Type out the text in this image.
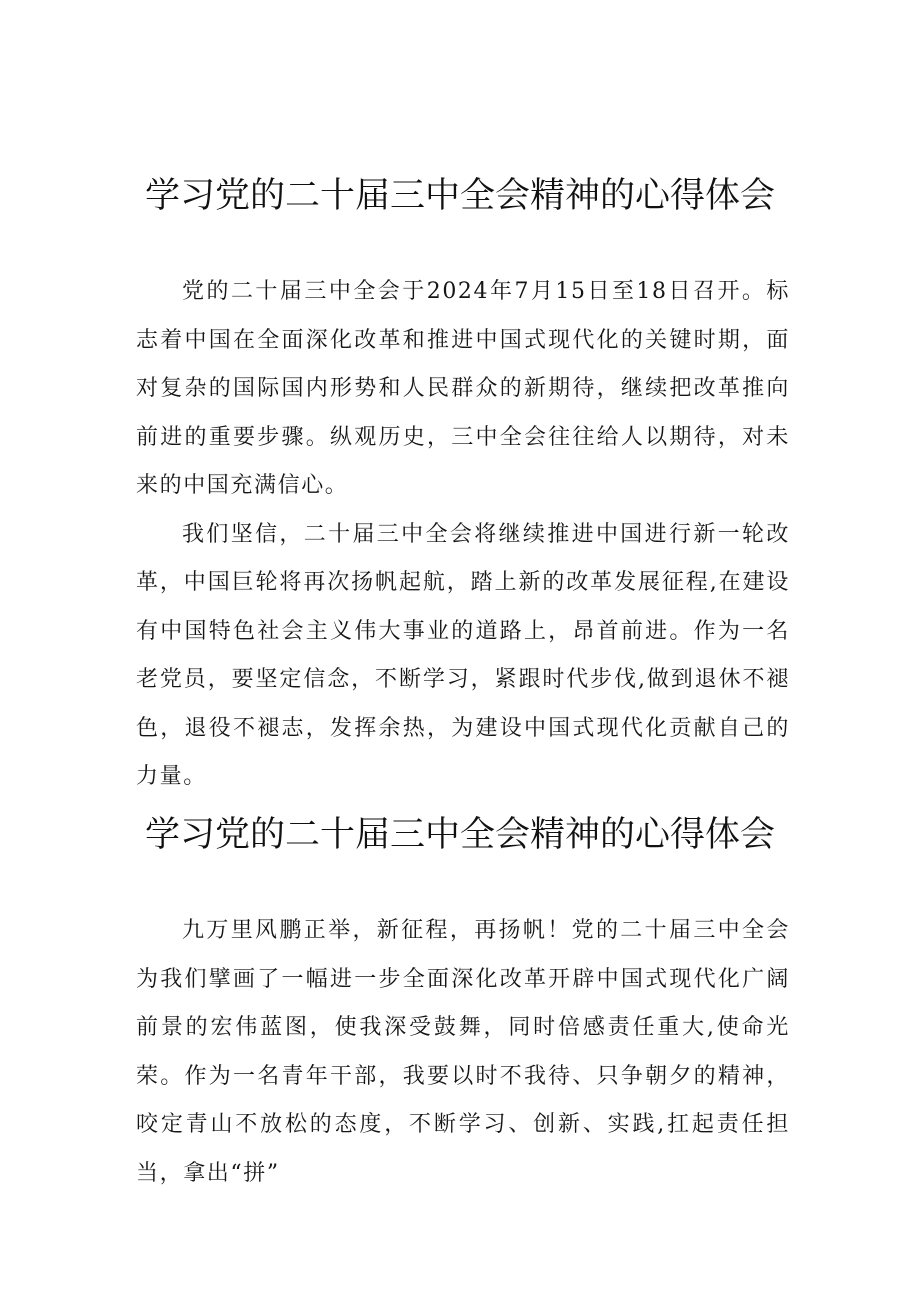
学习党的二十届三中全会精神的心得体会

党的二十届三中全会于2024年7月15日至18日召开。标志着中国在全面深化改革和推进中国式现代化的关键时期，面对复杂的国际国内形势和人民群众的新期待，继续把改革推向前进的重要步骤。纵观历史，三中全会往往给人以期待，对未来的中国充满信心。

我们坚信，二十届三中全会将继续推进中国进行新一轮改革，中国巨轮将再次扬帆起航，踏上新的改革发展征程,在建设有中国特色社会主义伟大事业的道路上，昂首前进。作为一名老党员，要坚定信念，不断学习，紧跟时代步伐,做到退休不褪色，退役不褪志，发挥余热，为建设中国式现代化贡献自己的力量。

学习党的二十届三中全会精神的心得体会

九万里风鹏正举，新征程，再扬帆！党的二十届三中全会为我们擘画了一幅进一步全面深化改革开辟中国式现代化广阔前景的宏伟蓝图，使我深受鼓舞，同时倍感责任重大,使命光荣。作为一名青年干部，我要以时不我待、只争朝夕的精神，咬定青山不放松的态度，不断学习、创新、实践,扛起责任担当，拿出“拼”
